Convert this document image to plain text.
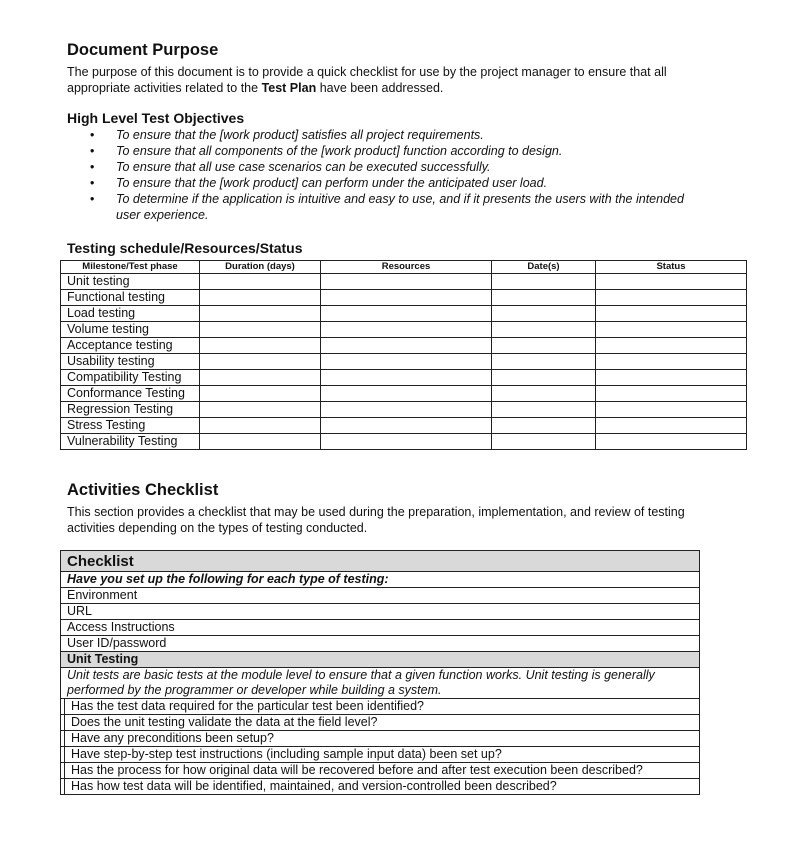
Document Purpose

The purpose of this document is to provide a quick checklist for use by the project manager to ensure that all appropriate activities related to the Test Plan have been addressed.

High Level Test Objectives
• To ensure that the [work product] satisfies all project requirements.
• To ensure that all components of the [work product] function according to design.
• To ensure that all use case scenarios can be executed successfully.
• To ensure that the [work product] can perform under the anticipated user load.
• To determine if the application is intuitive and easy to use, and if it presents the users with the intended user experience.
Testing schedule/Resources/Status
Milestone/Test phase	Duration (days)	Resources	Date(s)	Status
Unit testing				
Functional testing				
Load testing				
Volume testing				
Acceptance testing				
Usability testing				
Compatibility Testing				
Conformance Testing				
Regression Testing				
Stress Testing				
Vulnerability Testing				
Activities Checklist

This section provides a checklist that may be used during the preparation, implementation, and review of testing activities depending on the types of testing conducted.

Checklist	
Have you set up the following for each type of testing:	
Environment	
URL	
Access Instructions	
User ID/password	
Unit Testing	
Unit tests are basic tests at the module level to ensure that a given function works. Unit testing is generally performed by the programmer or developer while building a system.	
	Has the test data required for the particular test been identified?
	Does the unit testing validate the data at the field level?
	Have any preconditions been setup?
	Have step-by-step test instructions (including sample input data) been set up?
	Has the process for how original data will be recovered before and after test execution been described?
	Has how test data will be identified, maintained, and version-controlled been described?
